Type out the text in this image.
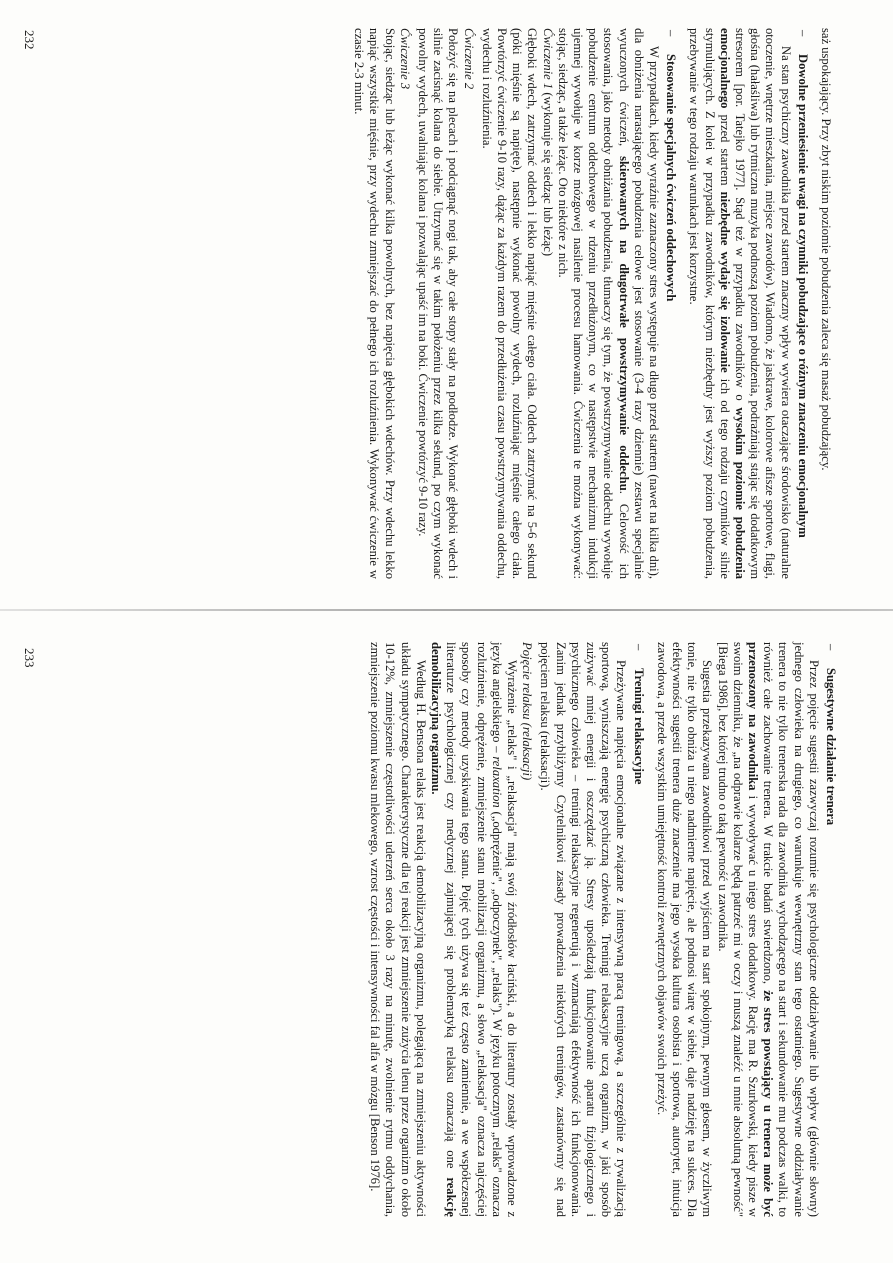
saż uspokajający. Przy zbyt niskim poziomie pobudzenia zaleca się masaż pobudzający.

– Dowolne przeniesienie uwagi na czynniki pobudzające o różnym znaczeniu emocjonalnym

Na stan psychiczny zawodnika przed startem znaczny wpływ wywiera otaczające środowisko (naturalne otoczenie, wnętrze mieszkania, miejsce zawodów). Wiadomo, że jaskrawe, kolorowe afisze sportowe, flagi, głośna (hałaśliwa) lub rytmiczna muzyka podnoszą poziom pobudzenia, podrażniają stając się dodatkowym stresorem [por. Tatejko 1977]. Stąd też w przypadku zawodników o wysokim poziomie pobudzenia emocjonalnego przed startem niezbędne wydaje się izolowanie ich od tego rodzaju czynników silnie stymulujących. Z kolei w przypadku zawodników, którym niezbędny jest wyższy poziom pobudzenia, przebywanie w tego rodzaju warunkach jest korzystne.

– Stosowanie specjalnych ćwiczeń oddechowych

W przypadkach, kiedy wyraźnie zaznaczony stres występuje na długo przed startem (nawet na kilka dni), dla obniżenia narastającego pobudzenia celowe jest stosowanie (3-4 razy dziennie) zestawu specjalnie wyuczonych ćwiczeń, skierowanych na długotrwałe powstrzymywanie oddechu. Celowość ich stosowania, jako metody obniżania pobudzenia, tłumaczy się tym, że powstrzymywanie oddechu wywołuje pobudzenie centrum oddechowego w rdzeniu przedłużonym, co w następstwie mechanizmu indukcji ujemnej wywołuje w korze mózgowej nasilenie procesu hamowania. Ćwiczenia te można wykonywać: stojąc, siedząc, a także leżąc. Oto niektóre z nich.

Ćwiczenie 1 (wykonuje się siedząc lub leżąc)

Głęboki wdech, zatrzymać oddech i lekko napiąć mięśnie całego ciała. Oddech zatrzymać na 5-6 sekund (póki mięśnie są napięte), następnie wykonać powolny wydech, rozluźniając mięśnie całego ciała. Powtórzyć ćwiczenie 9-10 razy, dążąc za każdym razem do przedłużenia czasu powstrzymywania oddechu, wydechu i rozluźnienia.

Ćwiczenie 2

Położyć się na plecach i podciągnąć nogi tak, aby całe stopy stały na podłodze. Wykonać głęboki wdech i silnie zacisnąć kolana do siebie. Utrzymać się w takim położeniu przez kilka sekund, po czym wykonać powolny wydech, uwalniając kolana i pozwalając upaść im na boki. Ćwiczenie powtórzyć 9-10 razy.

Ćwiczenie 3

Stojąc, siedząc lub leżąc wykonać kilka powolnych, bez napięcia głębokich wdechów. Przy wdechu lekko napiąć wszystkie mięśnie, przy wydechu zmniejszać do pełnego ich rozluźnienia. Wykonywać ćwiczenie w czasie 2-3 minut.

232
– Sugestywne działanie trenera

Przez pojęcie sugestii zazwyczaj rozumie się psychologiczne oddziaływanie lub wpływ (głównie słowny) jednego człowieka na drugiego, co warunkuje wewnętrzny stan tego ostatniego. Sugestywne oddziaływanie trenera to nie tylko trenerska rada dla zawodnika wychodzącego na start i sekundowanie mu podczas walki, to również całe zachowanie trenera. W trakcie badań stwierdzono, że stres powstający u trenera może być przenoszony na zawodnika i wywoływać u niego stres dodatkowy. Rację ma R. Szurkowski, kiedy pisze w swoim dzienniku, że „na odprawie kolarze będą patrzeć mi w oczy i muszą znaleźć u mnie absolutną pewność" [Biega 1986], bez której trudno o taką pewność u zawodnika.

Sugestia przekazywana zawodnikowi przed wyjściem na start spokojnym, pewnym głosem, w życzliwym tonie, nie tylko obniża u niego nadmierne napięcie, ale podnosi wiarę w siebie, daje nadzieję na sukces. Dla efektywności sugestii trenera duże znaczenie ma jego wysoka kultura osobista i sportowa, autorytet, intuicja zawodowa, a przede wszystkim umiejętność kontroli zewnętrznych objawów swoich przeżyć.

– Treningi relaksacyjne

Przeżywane napięcia emocjonalne związane z intensywną pracą treningową, a szczególnie z rywalizacją sportową, wyniszczają energię psychiczną człowieka. Treningi relaksacyjne uczą organizm, w jaki sposób zużywać mniej energii i oszczędzać ją. Stresy upośledzają funkcjonowanie aparatu fizjologicznego i psychicznego człowieka – treningi relaksacyjne regenerują i wzmacniają efektywność ich funkcjonowania. Zanim jednak przybliżymy Czytelnikowi zasady prowadzenia niektórych treningów, zastanówmy się nad pojęciem relaksu (relaksacji).

Pojęcie relaksu (relaksacji)

Wyrażenie „relaks" i „relaksacja" mają swój źródłosłów łaciński, a do literatury zostały wprowadzone z języka angielskiego – relaxation („odprężenie", „odpoczynek", „relaks"). W języku potocznym „relaks" oznacza rozluźnienie, odprężenie, zmniejszenie stanu mobilizacji organizmu, a słowo „relaksacja" oznacza najczęściej sposoby czy metody uzyskiwania tego stanu. Pojęć tych używa się też często zamiennie, a we współczesnej literaturze psychologicznej czy medycznej zajmującej się problematyką relaksu oznaczają one reakcję demobilizacyjną organizmu.

Według H. Bensona relaks jest reakcją demobilizacyjną organizmu, polegającą na zmniejszeniu aktywności układu sympatycznego. Charakterystyczne dla tej reakcji jest zmniejszenie zużycia tlenu przez organizm o około 10-12%, zmniejszenie częstotliwości uderzeń serca około 3 razy na minutę, zwolnienie rytmu oddychania, zmniejszenie poziomu kwasu mlekowego, wzrost częstości i intensywności fal alfa w mózgu [Benson 1976].

233
